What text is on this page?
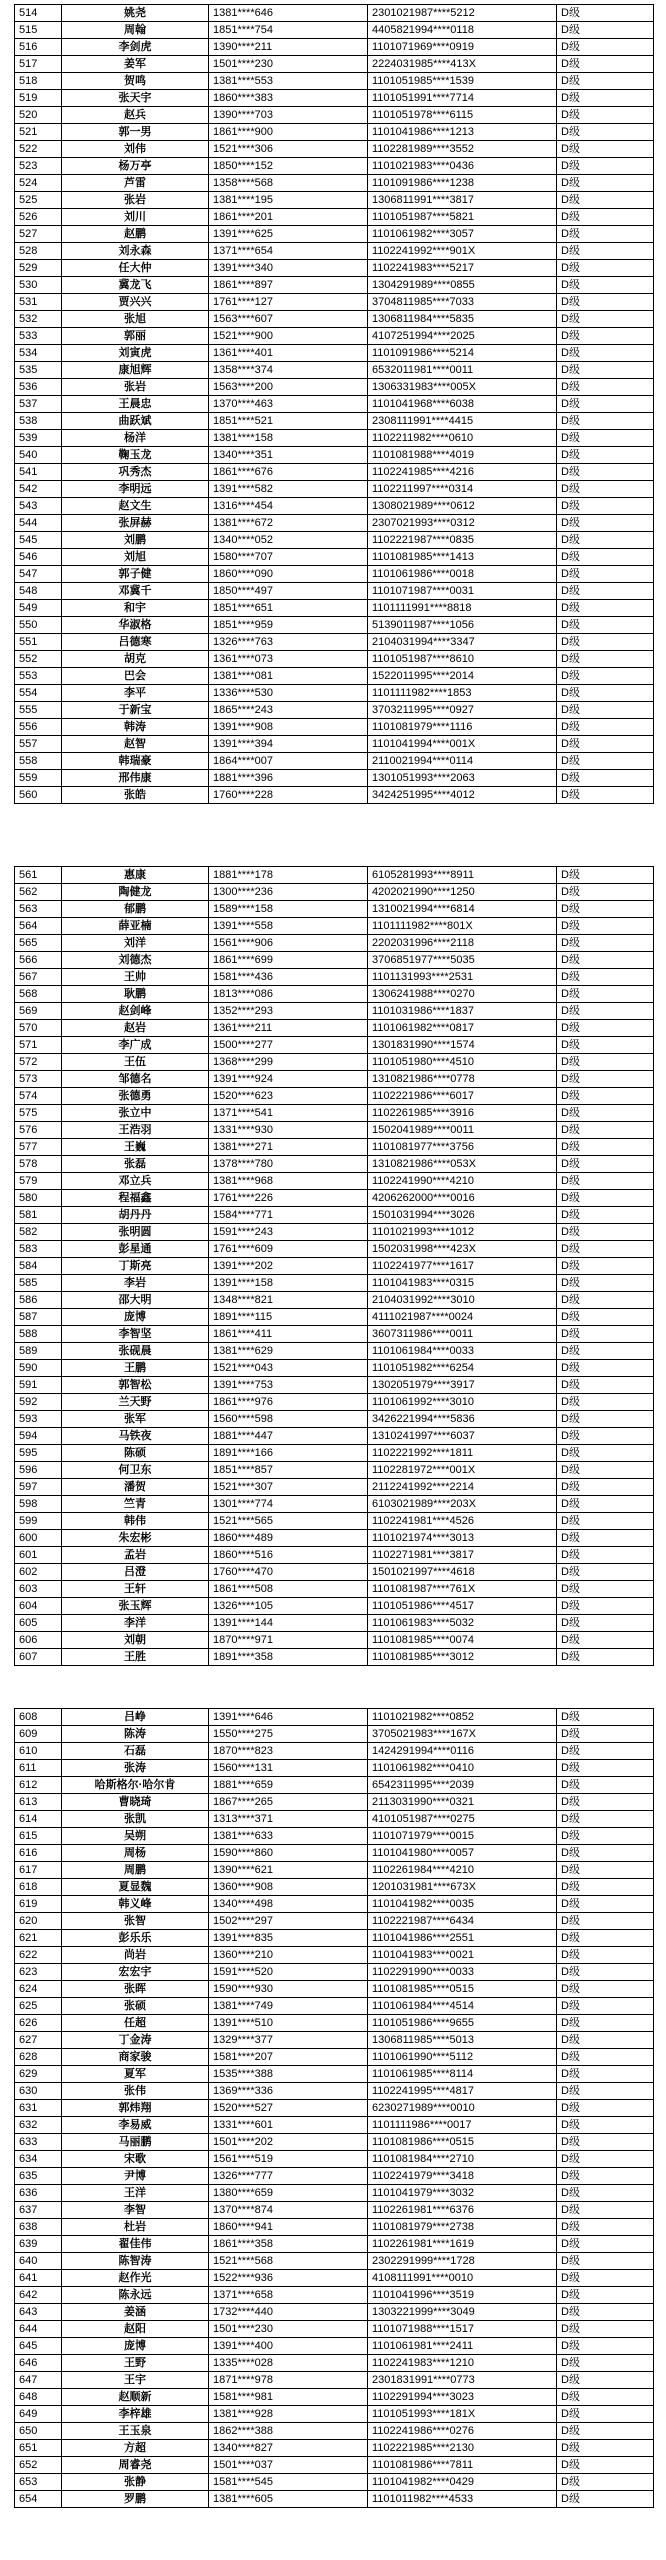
514	姚尧	1381****646	2301021987****5212	D级
515	周翰	1851****754	4405821994****0118	D级
516	李剑虎	1390****211	1101071969****0919	D级
517	姜军	1501****230	2224031985****413X	D级
518	贺鸣	1381****553	1101051985****1539	D级
519	张天宇	1860****383	1101051991****7714	D级
520	赵兵	1390****703	1101051978****6115	D级
521	郭一男	1861****900	1101041986****1213	D级
522	刘伟	1521****306	1102281989****3552	D级
523	杨万亭	1850****152	1101021983****0436	D级
524	芦雷	1358****568	1101091986****1238	D级
525	张岩	1381****195	1306811991****3817	D级
526	刘川	1861****201	1101051987****5821	D级
527	赵鹏	1391****625	1101061982****3057	D级
528	刘永森	1371****654	1102241992****901X	D级
529	任大仲	1391****340	1102241983****5217	D级
530	冀龙飞	1861****897	1304291989****0855	D级
531	贾兴兴	1761****127	3704811985****7033	D级
532	张旭	1563****607	1306811984****5835	D级
533	郭丽	1521****900	4107251994****2025	D级
534	刘寅虎	1361****401	1101091986****5214	D级
535	康旭辉	1358****374	6532011981****0011	D级
536	张岩	1563****200	1306331983****005X	D级
537	王晨忠	1370****463	1101041968****6038	D级
538	曲跃斌	1851****521	2308111991****4415	D级
539	杨洋	1381****158	1102211982****0610	D级
540	鞠玉龙	1340****351	1101081988****4019	D级
541	巩秀杰	1861****676	1102241985****4216	D级
542	李明远	1391****582	1102211997****0314	D级
543	赵文生	1316****454	1308021989****0612	D级
544	张屏赫	1381****672	2307021993****0312	D级
545	刘鹏	1340****052	1102221987****0835	D级
546	刘旭	1580****707	1101081985****1413	D级
547	郭子健	1860****090	1101061986****0018	D级
548	邓冀千	1850****497	1101071987****0031	D级
549	和宇	1851****651	1101111991****8818	D级
550	华淑格	1851****959	5139011987****1056	D级
551	吕德寒	1326****763	2104031994****3347	D级
552	胡克	1361****073	1101051987****8610	D级
553	巴会	1381****081	1522011995****2014	D级
554	李平	1336****530	1101111982****1853	D级
555	于新宝	1865****243	3703211995****0927	D级
556	韩涛	1391****908	1101081979****1116	D级
557	赵智	1391****394	1101041994****001X	D级
558	韩瑞豪	1864****007	2110021994****0114	D级
559	邢伟康	1881****396	1301051993****2063	D级
560	张皓	1760****228	3424251995****4012	D级
561	惠康	1881****178	6105281993****8911	D级
562	陶健龙	1300****236	4202021990****1250	D级
563	郁鹏	1589****158	1310021994****6814	D级
564	薛亚楠	1391****558	1101111982****801X	D级
565	刘洋	1561****906	2202031996****2118	D级
566	刘德杰	1861****699	3706851977****5035	D级
567	王帅	1581****436	1101131993****2531	D级
568	耿鹏	1813****086	1306241988****0270	D级
569	赵剑峰	1352****293	1101031986****1837	D级
570	赵岩	1361****211	1101061982****0817	D级
571	李广成	1500****277	1301831990****1574	D级
572	王伍	1368****299	1101051980****4510	D级
573	邹德名	1391****924	1310821986****0778	D级
574	张德勇	1520****623	1102221986****6017	D级
575	张立中	1371****541	1102261985****3916	D级
576	王浩羽	1331****930	1502041989****0011	D级
577	王巍	1381****271	1101081977****3756	D级
578	张磊	1378****780	1310821986****053X	D级
579	邓立兵	1381****968	1102241990****4210	D级
580	程福鑫	1761****226	4206262000****0016	D级
581	胡丹丹	1584****771	1501031994****3026	D级
582	张明圆	1591****243	1101021993****1012	D级
583	彭星通	1761****609	1502031998****423X	D级
584	丁斯亮	1391****202	1102241977****1617	D级
585	李岩	1391****158	1101041983****0315	D级
586	邵大明	1348****821	2104031992****3010	D级
587	庞博	1891****115	4111021987****0024	D级
588	李智坚	1861****411	3607311986****0011	D级
589	张砚晨	1381****629	1101061984****0033	D级
590	王鹏	1521****043	1101051982****6254	D级
591	郭智松	1391****753	1302051979****3917	D级
592	兰天野	1861****976	1101061992****3010	D级
593	张军	1560****598	3426221994****5836	D级
594	马铁夜	1881****447	1310241997****6037	D级
595	陈硕	1891****166	1102221992****1811	D级
596	何卫东	1851****857	1102281972****001X	D级
597	潘贺	1521****307	2112241992****2214	D级
598	竺青	1301****774	6103021989****203X	D级
599	韩伟	1521****565	1102241981****4526	D级
600	朱宏彬	1860****489	1101021974****3013	D级
601	孟岩	1860****516	1102271981****3817	D级
602	吕澄	1760****470	1501021997****4618	D级
603	王轩	1861****508	1101081987****761X	D级
604	张玉辉	1326****105	1101051986****4517	D级
605	李洋	1391****144	1101061983****5032	D级
606	刘朝	1870****971	1101081985****0074	D级
607	王胜	1891****358	1101081985****3012	D级
608	吕峥	1391****646	1101021982****0852	D级
609	陈涛	1550****275	3705021983****167X	D级
610	石磊	1870****823	1424291994****0116	D级
611	张涛	1560****131	1101061982****0410	D级
612	哈斯格尔·哈尔肯	1881****659	6542311995****2039	D级
613	曹晓琦	1867****265	2113031990****0321	D级
614	张凯	1313****371	4101051987****0275	D级
615	吴朔	1381****633	1101071979****0015	D级
616	周杨	1590****860	1101041980****0057	D级
617	周鹏	1390****621	1102261984****4210	D级
618	夏显魏	1360****908	1201031981****673X	D级
619	韩义峰	1340****498	1101041982****0035	D级
620	张智	1502****297	1102221987****6434	D级
621	彭乐乐	1391****835	1101041986****2551	D级
622	尚岩	1360****210	1101041983****0021	D级
623	宏宏宇	1591****520	1102291990****0033	D级
624	张晖	1590****930	1101081985****0515	D级
625	张硕	1381****749	1101061984****4514	D级
626	任超	1391****510	1101051986****9655	D级
627	丁金涛	1329****377	1306811985****5013	D级
628	商家骏	1581****207	1101061990****5112	D级
629	夏军	1535****388	1101061985****8114	D级
630	张伟	1369****336	1102241995****4817	D级
631	郭炜翔	1520****527	6230271989****0010	D级
632	李易威	1331****601	1101111986****0017	D级
633	马丽鹏	1501****202	1101081986****0515	D级
634	宋歌	1561****519	1101081984****2710	D级
635	尹博	1326****777	1102241979****3418	D级
636	王洋	1380****659	1101041979****3032	D级
637	李智	1370****874	1102261981****6376	D级
638	杜岩	1860****941	1101081979****2738	D级
639	翟佳伟	1861****358	1102261981****1619	D级
640	陈智涛	1521****568	2302291999****1728	D级
641	赵作光	1522****936	4108111991****0010	D级
642	陈永远	1371****658	1101041996****3519	D级
643	姜涵	1732****440	1303221999****3049	D级
644	赵阳	1501****230	1101071988****1517	D级
645	庞博	1391****400	1101061981****2411	D级
646	王野	1335****028	1102241983****1210	D级
647	王宇	1871****978	2301831991****0773	D级
648	赵顺新	1581****981	1102291994****3023	D级
649	李梓雄	1381****928	1101051993****181X	D级
650	王玉泉	1862****388	1102241986****0276	D级
651	方超	1340****827	1102221985****2130	D级
652	周睿尧	1501****037	1101081986****7811	D级
653	张静	1581****545	1101041982****0429	D级
654	罗鹏	1381****605	1101011982****4533	D级
